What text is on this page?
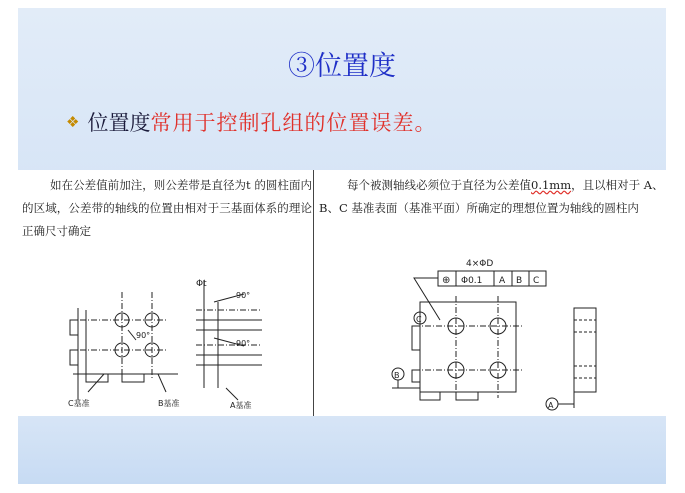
③位置度
❖ 位置度常用于控制孔组的位置误差。
如在公差值前加注，则公差带是直径为t 的圆柱面内的区域，公差带的轴线的位置由相对于三基面体系的理论正确尺寸确定
每个被测轴线必须位于直径为公差值0.1mm，且以相对于 A、B、C 基准表面（基准平面）所确定的理想位置为轴线的圆柱内
Φt
90°
90°
90°
C基准	B基准	A基准
4×ΦD
⊕ Φ0.1 A B C
C
B
A
